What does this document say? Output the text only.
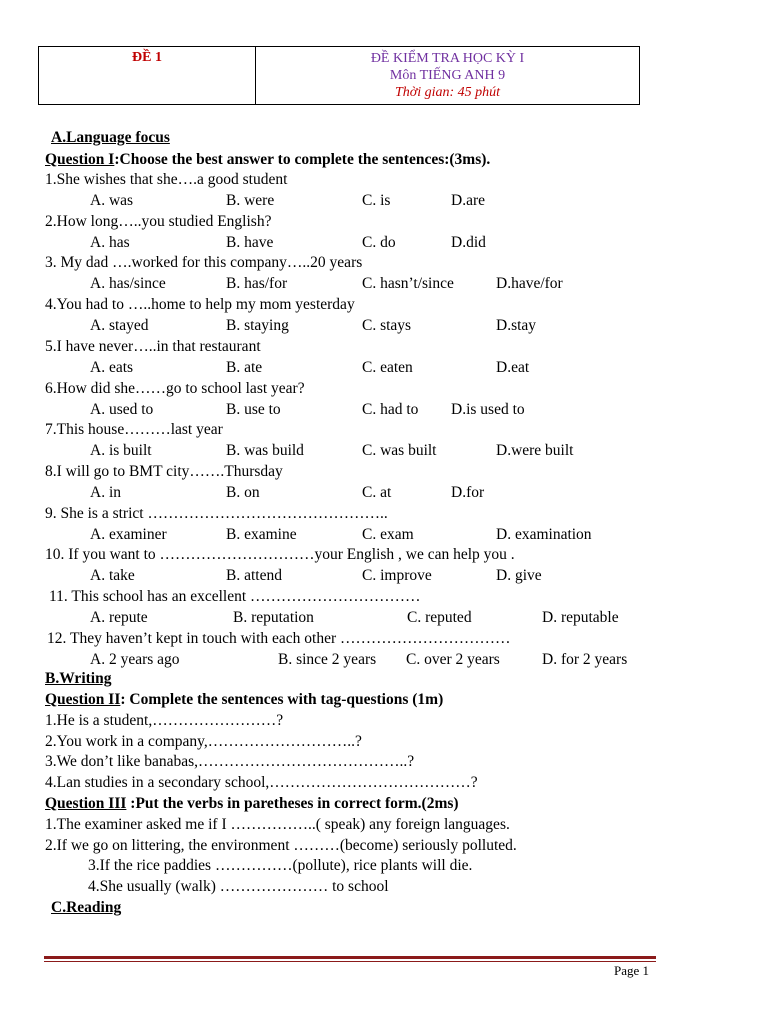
ĐỀ 1	ĐỀ KIỂM TRA HỌC KỲ I
Môn TIẾNG ANH 9
Thời gian: 45 phút
A.Language focus
Question I:Choose the best answer to complete the sentences:(3ms).
1.She wishes that she….a good student
A. was	B. were	C. is	D.are
2.How long…..you studied English?
A. has	B. have	C. do	D.did
3. My dad ….worked for this company…..20 years
A. has/since	B. has/for	C. hasn’t/since	D.have/for
4.You had to …..home to help my mom yesterday
A. stayed	B. staying	C. stays	D.stay
5.I have never…..in that restaurant
A. eats	B. ate	C. eaten	D.eat
6.How did she……go to school last year?
A. used to	B. use to	C. had to D.is used to
7.This house………last year
A. is built	B. was build	C. was built	D.were built
8.I will go to BMT city…….Thursday
A. in	B. on	C. at	D.for
9. She is a strict ………………………………………..
A. examiner	B. examine	C. exam	D. examination
10. If you want to …………………………your English , we can help you .
A. take	B. attend	C. improve	D. give
11. This school has an excellent ……………………………
A. repute	B. reputation	C. reputed	D. reputable
12. They haven’t kept in touch with each other ……………………………
A. 2 years ago	B. since 2 years C. over 2 years	D. for 2 years
B.Writing
Question II: Complete the sentences with tag-questions (1m)
1.He is a student,……………………?
2.You work in a company,………………………..?
3.We don’t like banabas,…………………………………..?
4.Lan studies in a secondary school,…………………………………?
Question III :Put the verbs in paretheses in correct form.(2ms)
1.The examiner asked me if I ……………..( speak) any foreign languages.
2.If we go on littering, the environment ………(become) seriously polluted.
3.If the rice paddies ……………(pollute), rice plants will die.
4.She usually (walk) ………………… to school
C.Reading
Page 1
